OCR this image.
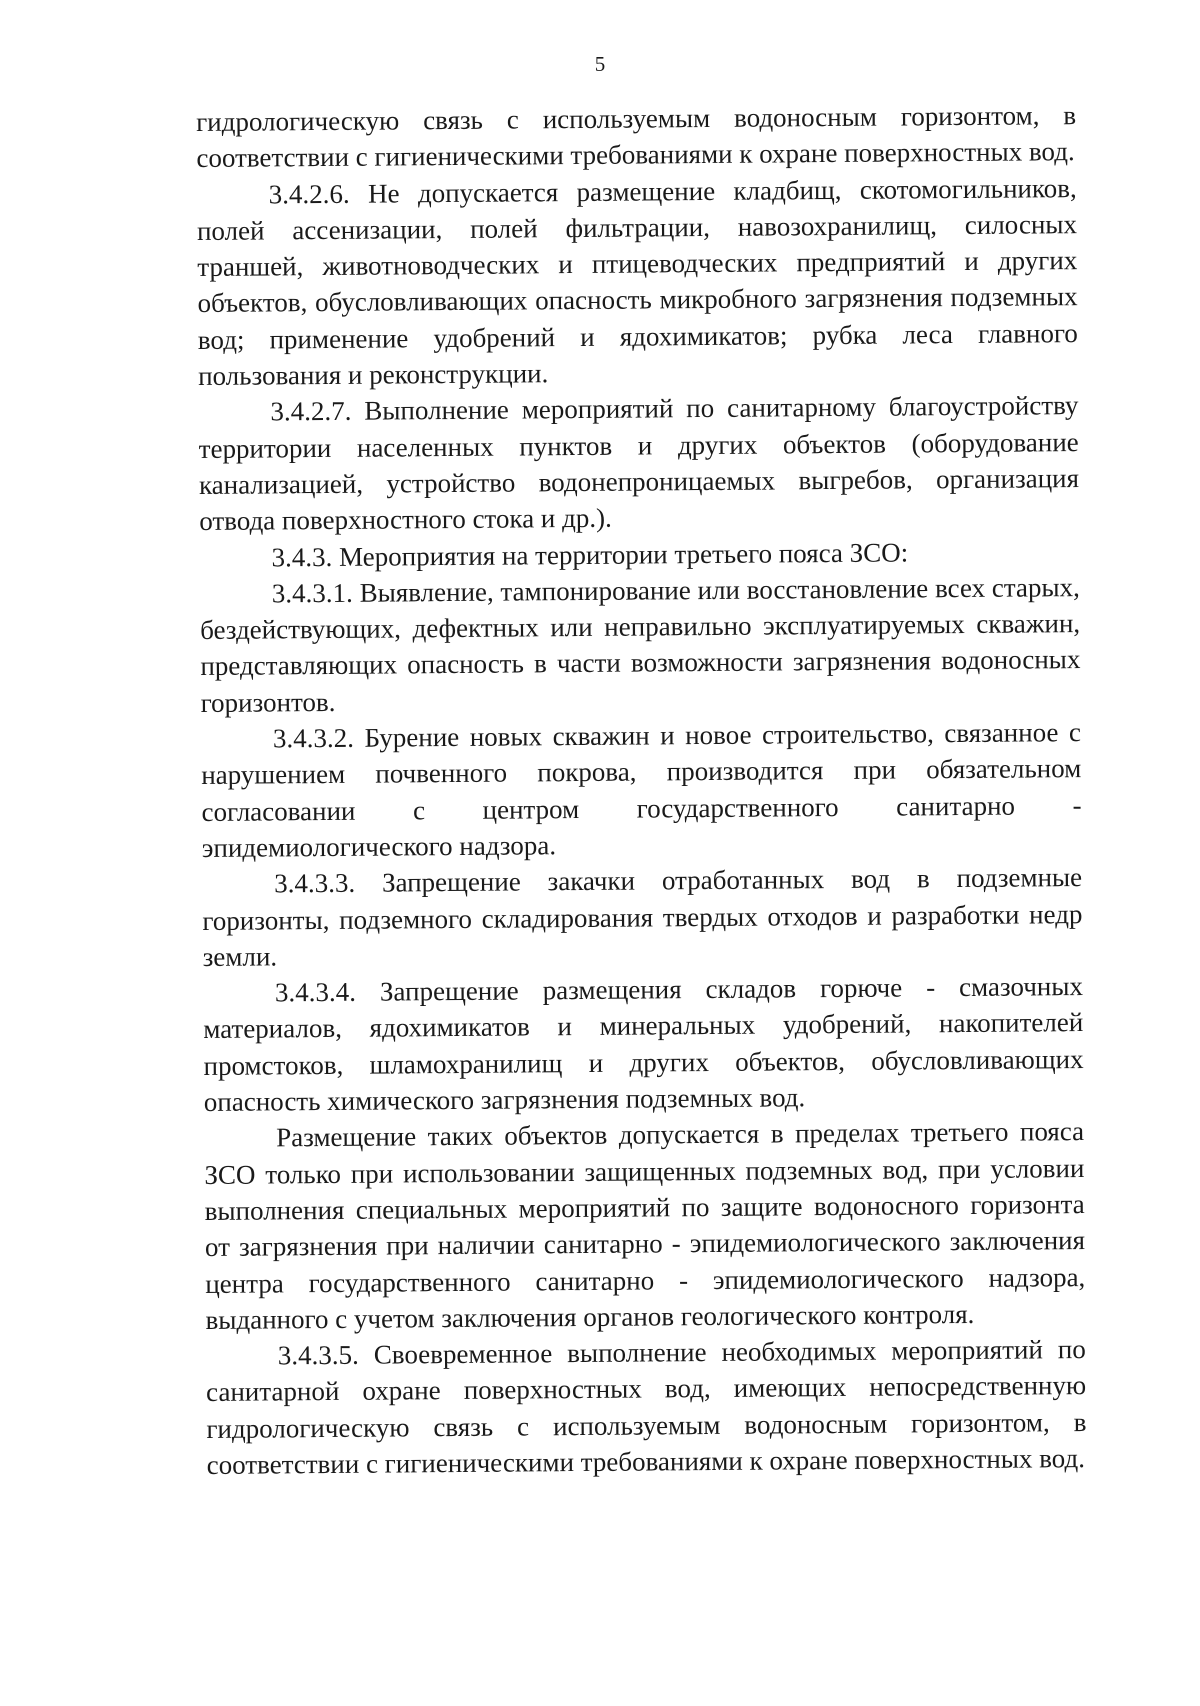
5

гидрологическую связь с используемым водоносным горизонтом, в соответствии с гигиеническими требованиями к охране поверхностных вод.

3.4.2.6. Не допускается размещение кладбищ, скотомогильников, полей ассенизации, полей фильтрации, навозохранилищ, силосных траншей, животноводческих и птицеводческих предприятий и других объектов, обусловливающих опасность микробного загрязнения подземных вод; применение удобрений и ядохимикатов; рубка леса главного пользования и реконструкции.

3.4.2.7. Выполнение мероприятий по санитарному благоустройству территории населенных пунктов и других объектов (оборудование канализацией, устройство водонепроницаемых выгребов, организация отвода поверхностного стока и др.).

3.4.3. Мероприятия на территории третьего пояса ЗСО:

3.4.3.1. Выявление, тампонирование или восстановление всех старых, бездействующих, дефектных или неправильно эксплуатируемых скважин, представляющих опасность в части возможности загрязнения водоносных горизонтов.

3.4.3.2. Бурение новых скважин и новое строительство, связанное с нарушением почвенного покрова, производится при обязательном согласовании с центром государственного санитарно - эпидемиологического надзора.

3.4.3.3. Запрещение закачки отработанных вод в подземные горизонты, подземного складирования твердых отходов и разработки недр земли.

3.4.3.4. Запрещение размещения складов горюче - смазочных материалов, ядохимикатов и минеральных удобрений, накопителей промстоков, шламохранилищ и других объектов, обусловливающих опасность химического загрязнения подземных вод.

Размещение таких объектов допускается в пределах третьего пояса ЗСО только при использовании защищенных подземных вод, при условии выполнения специальных мероприятий по защите водоносного горизонта от загрязнения при наличии санитарно - эпидемиологического заключения центра государственного санитарно - эпидемиологического надзора, выданного с учетом заключения органов геологического контроля.

3.4.3.5. Своевременное выполнение необходимых мероприятий по санитарной охране поверхностных вод, имеющих непосредственную гидрологическую связь с используемым водоносным горизонтом, в соответствии с гигиеническими требованиями к охране поверхностных вод.
